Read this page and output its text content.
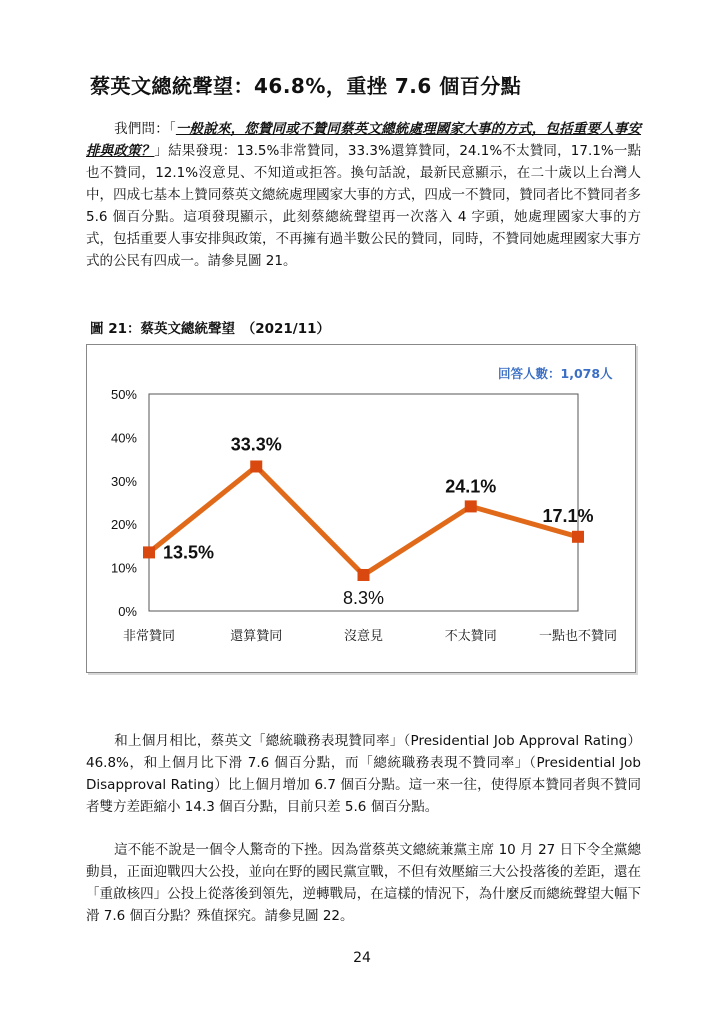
蔡英文總統聲望：46.8%，重挫 7.6 個百分點
我們問：「一般說來，您贊同或不贊同蔡英文總統處理國家大事的方式，包括重要人事安排與政策？」結果發現：13.5%非常贊同，33.3%還算贊同，24.1%不太贊同，17.1%一點也不贊同，12.1%沒意見、不知道或拒答。換句話說，最新民意顯示，在二十歲以上台灣人中，四成七基本上贊同蔡英文總統處理國家大事的方式，四成一不贊同，贊同者比不贊同者多 5.6 個百分點。這項發現顯示，此刻蔡總統聲望再一次落入 4 字頭，她處理國家大事的方式，包括重要人事安排與政策，不再擁有過半數公民的贊同，同時，不贊同她處理國家大事方式的公民有四成一。請參見圖 21。
圖 21：蔡英文總統聲望　（2021/11）
0%
10%
20%
30%
40%
50%
非常贊同	還算贊同	沒意見	不太贊同	一點也不贊同
13.5%
33.3%
8.3%
24.1%
17.1%
回答人數：1,078人
和上個月相比，蔡英文「總統職務表現贊同率」（Presidential Job Approval Rating）46.8%，和上個月比下滑 7.6 個百分點，而「總統職務表現不贊同率」（Presidential Job Disapproval Rating）比上個月增加 6.7 個百分點。這一來一往，使得原本贊同者與不贊同者雙方差距縮小 14.3 個百分點，目前只差 5.6 個百分點。
這不能不說是一個令人驚奇的下挫。因為當蔡英文總統兼黨主席 10 月 27 日下令全黨總動員，正面迎戰四大公投，並向在野的國民黨宣戰，不但有效壓縮三大公投落後的差距，還在「重啟核四」公投上從落後到領先，逆轉戰局，在這樣的情況下，為什麼反而總統聲望大幅下滑 7.6 個百分點？殊值探究。請參見圖 22。
24
